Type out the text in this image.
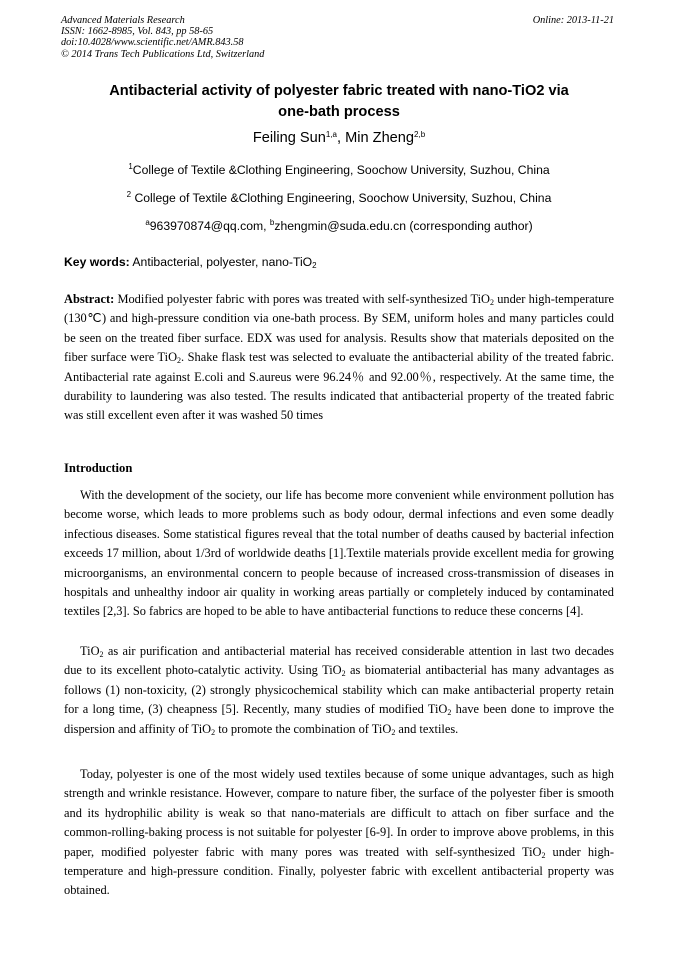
Advanced Materials Research
ISSN: 1662-8985, Vol. 843, pp 58-65
doi:10.4028/www.scientific.net/AMR.843.58
© 2014 Trans Tech Publications Ltd, Switzerland
Online: 2013-11-21
Antibacterial activity of polyester fabric treated with nano-TiO2 via
one-bath process
Feiling Sun$^{1,a}$, Min Zheng$^{2,b}$
$^1$College of Textile &Clothing Engineering, Soochow University, Suzhou, China
$^2$ College of Textile &Clothing Engineering, Soochow University, Suzhou, China
$^a$963970874@qq.com, $^b$zhengmin@suda.edu.cn (corresponding author)
Key words: Antibacterial, polyester, nano-TiO$_2$

Abstract: Modified polyester fabric with pores was treated with self-synthesized TiO$_2$ under high-temperature (130℃) and high-pressure condition via one-bath process. By SEM, uniform holes and many particles could be seen on the treated fiber surface. EDX was used for analysis. Results show that materials deposited on the fiber surface were TiO$_2$. Shake flask test was selected to evaluate the antibacterial ability of the treated fabric. Antibacterial rate against E.coli and S.aureus were 96.24％ and 92.00％, respectively. At the same time, the durability to laundering was also tested. The results indicated that antibacterial property of the treated fabric was still excellent even after it was washed 50 times

Introduction

With the development of the society, our life has become more convenient while environment pollution has become worse, which leads to more problems such as body odour, dermal infections and even some deadly infectious diseases. Some statistical figures reveal that the total number of deaths caused by bacterial infection exceeds 17 million, about 1/3rd of worldwide deaths [1].Textile materials provide excellent media for growing microorganisms, an environmental concern to people because of increased cross-transmission of diseases in hospitals and unhealthy indoor air quality in working areas partially or completely induced by contaminated textiles [2,3]. So fabrics are hoped to be able to have antibacterial functions to reduce these concerns [4].

TiO$_2$ as air purification and antibacterial material has received considerable attention in last two decades due to its excellent photo-catalytic activity. Using TiO$_2$ as biomaterial antibacterial has many advantages as follows (1) non-toxicity, (2) strongly physicochemical stability which can make antibacterial property retain for a long time, (3) cheapness [5]. Recently, many studies of modified TiO$_2$ have been done to improve the dispersion and affinity of TiO$_2$ to promote the combination of TiO$_2$ and textiles.

Today, polyester is one of the most widely used textiles because of some unique advantages, such as high strength and wrinkle resistance. However, compare to nature fiber, the surface of the polyester fiber is smooth and its hydrophilic ability is weak so that nano-materials are difficult to attach on fiber surface and the common-rolling-baking process is not suitable for polyester [6-9]. In order to improve above problems, in this paper, modified polyester fabric with many pores was treated with self-synthesized TiO$_2$ under high-temperature and high-pressure condition. Finally, polyester fabric with excellent antibacterial property was obtained.
